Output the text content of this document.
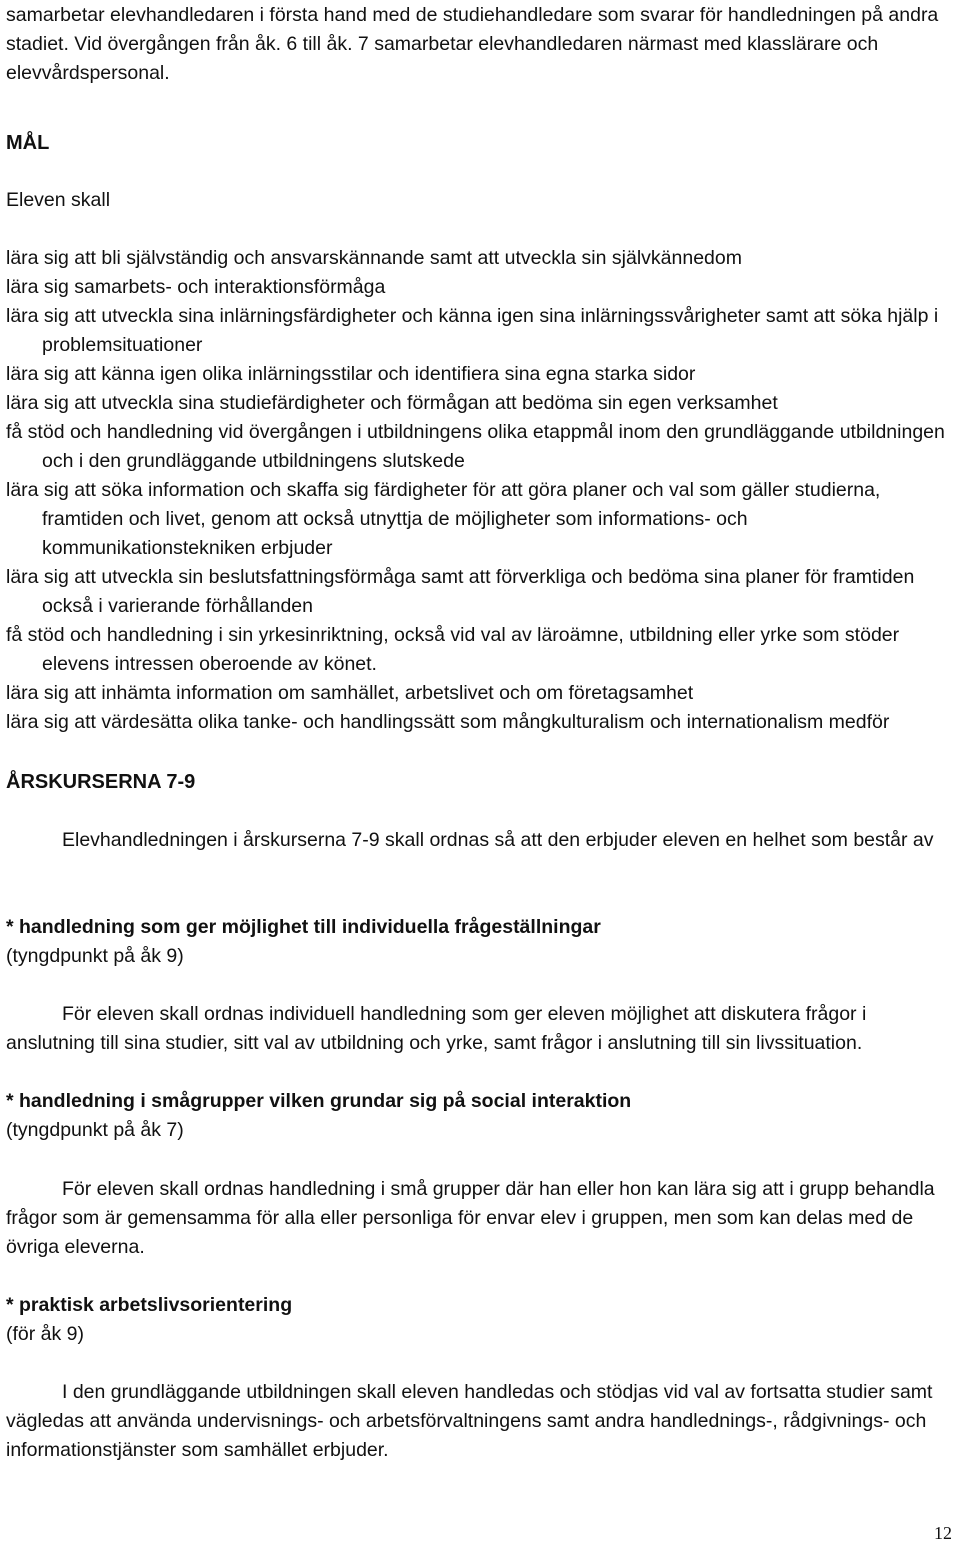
samarbetar elevhandledaren i första hand med de studiehandledare som svarar för handledningen på andra stadiet. Vid övergången från åk. 6 till åk. 7 samarbetar elevhandledaren närmast med klasslärare och elevvårdspersonal.

MÅL

Eleven skall

lära sig att bli självständig och ansvarskännande samt att utveckla sin självkännedom
lära sig samarbets- och interaktionsförmåga
lära sig att utveckla sina inlärningsfärdigheter och känna igen sina inlärningssvårigheter samt att söka hjälp i problemsituationer
lära sig att känna igen olika inlärningsstilar och identifiera sina egna starka sidor
lära sig att utveckla sina studiefärdigheter och förmågan att bedöma sin egen verksamhet
få stöd och handledning vid övergången i utbildningens olika etappmål inom den grundläggande utbildningen och i den grundläggande utbildningens slutskede
lära sig att söka information och skaffa sig färdigheter för att göra planer och val som gäller studierna, framtiden och livet, genom att också utnyttja de möjligheter som informations- och kommunikationstekniken erbjuder
lära sig att utveckla sin beslutsfattningsförmåga samt att förverkliga och bedöma sina planer för framtiden också i varierande förhållanden
få stöd och handledning i sin yrkesinriktning, också vid val av läroämne, utbildning eller yrke som stöder elevens intressen oberoende av könet.
lära sig att inhämta information om samhället, arbetslivet och om företagsamhet
lära sig att värdesätta olika tanke- och handlingssätt som mångkulturalism och internationalism medför

ÅRSKURSERNA 7-9

Elevhandledningen i årskurserna 7-9 skall ordnas så att den erbjuder eleven en helhet som består av

* handledning som ger möjlighet till individuella frågeställningar

(tyngdpunkt på åk 9)

För eleven skall ordnas individuell handledning som ger eleven möjlighet att diskutera frågor i anslutning till sina studier, sitt val av utbildning och yrke, samt frågor i anslutning till sin livssituation.

* handledning i smågrupper vilken grundar sig på social interaktion

(tyngdpunkt på åk 7)

För eleven skall ordnas handledning i små grupper där han eller hon kan lära sig att i grupp behandla frågor som är gemensamma för alla eller personliga för envar elev i gruppen, men som kan delas med de övriga eleverna.

* praktisk arbetslivsorientering

(för åk 9)

I den grundläggande utbildningen skall eleven handledas och stödjas vid val av fortsatta studier samt vägledas att använda undervisnings- och arbetsförvaltningens samt andra handlednings-, rådgivnings- och informationstjänster som samhället erbjuder.

12
